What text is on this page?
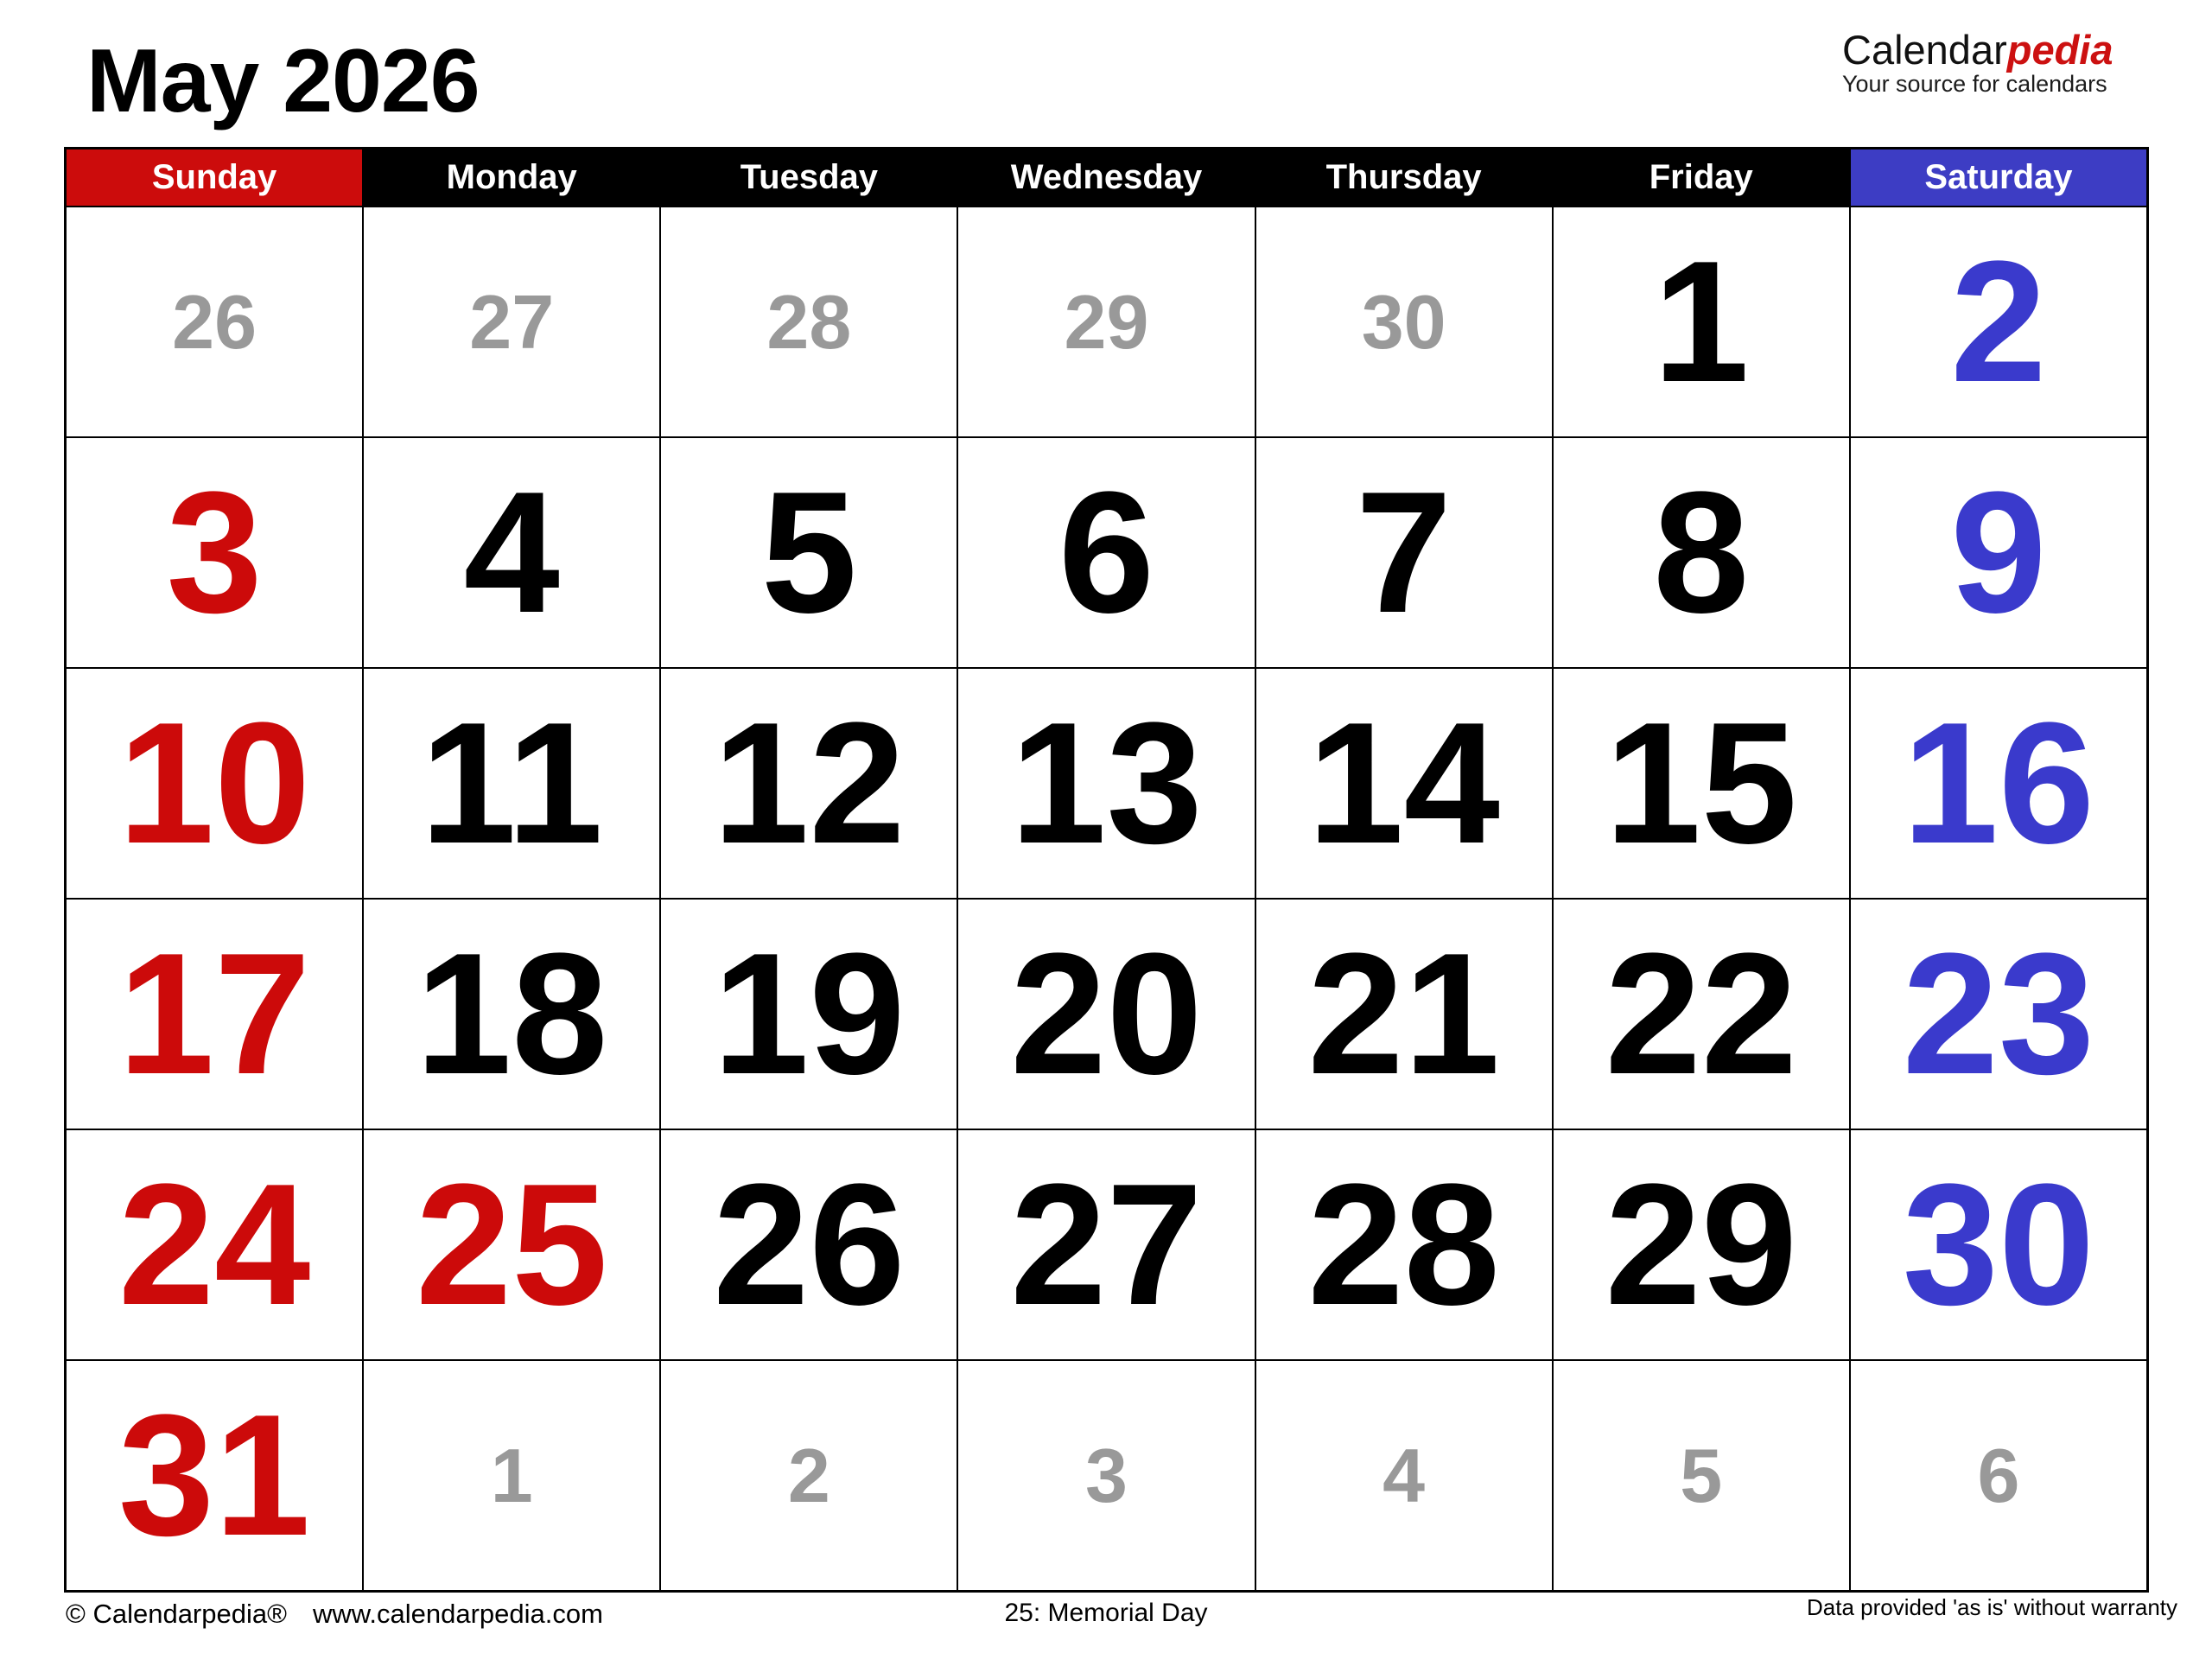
May 2026	Calendarpedia
Your source for calendars
Sunday	Monday	Tuesday	Wednesday	Thursday	Friday	Saturday
26	27	28	29	30 1 2
3 4 5 6 7 8 9
10 11 12 13 14 15 16
17 18 19 20 21 22 23
24 25 26 27 28 29 30
31 1	2	3	4	5	6
© Calendarpedia® www.calendarpedia.com	25: Memorial Day	Data provided 'as is' without warranty
